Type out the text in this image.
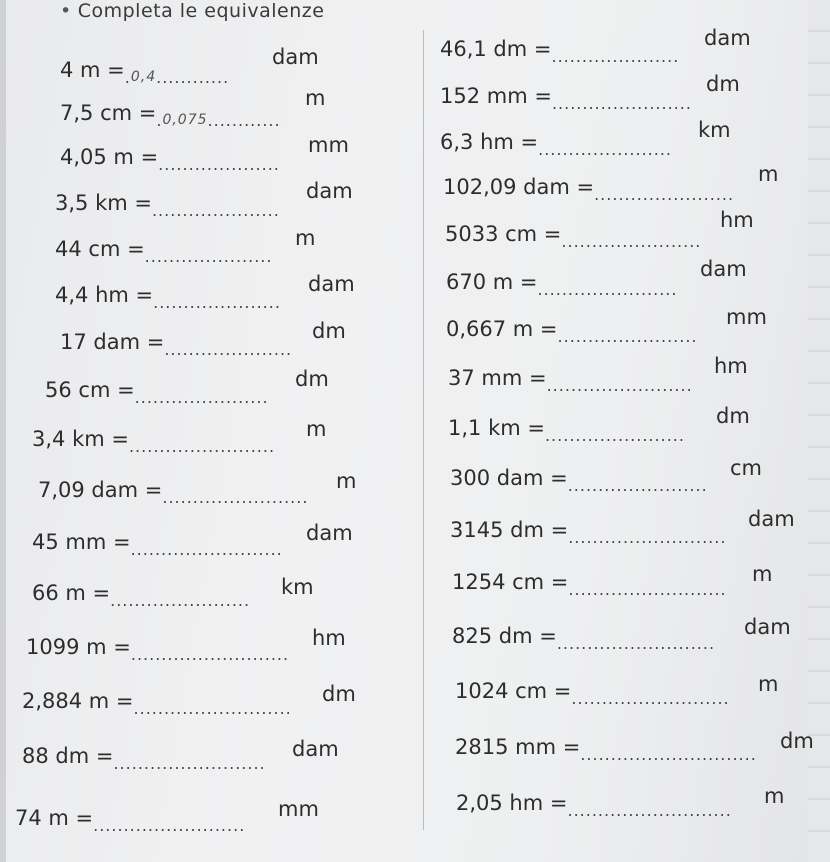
• Completa le equivalenze
4 m =.0,4............
dam
7,5 cm =.0,075............
m
4,05 m =....................
mm
3,5 km =.....................
dam
44 cm =.....................
m
4,4 hm =.....................
dam
17 dam =.....................
dm
56 cm =......................
dm
3,4 km =........................
m
7,09 dam =........................
m
45 mm =.........................
dam
66 m =.......................
km
1099 m =..........................
hm
2,884 m =..........................
dm
88 dm =.........................
dam
74 m =.........................
mm
46,1 dm =.....................
dam
152 mm =.......................
dm
6,3 hm =......................
km
102,09 dam =.......................
m
5033 cm =.......................
hm
670 m =.......................
dam
0,667 m =.......................
mm
37 mm =........................
hm
1,1 km =.......................
dm
300 dam =.......................
cm
3145 dm =..........................
dam
1254 cm =..........................
m
825 dm =..........................
dam
1024 cm =..........................
m
2815 mm =.............................
dm
2,05 hm =...........................
m
